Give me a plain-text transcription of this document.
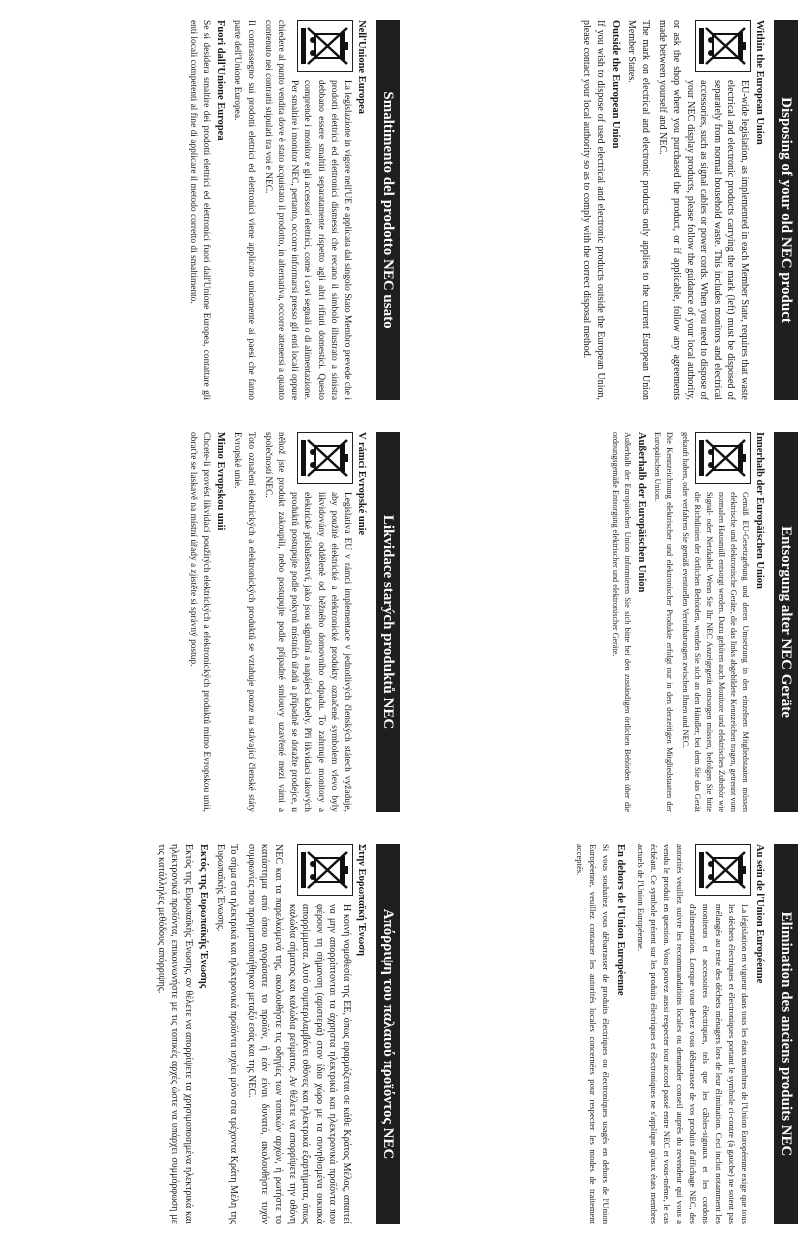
Disposing of your old NEC product
Within the European Union

EU-wide legislation, as implemented in each Member State, requires that waste electrical and electronic products carrying the mark (left) must be disposed of separately from normal household waste. This includes monitors and electrical accessories, such as signal cables or power cords. When you need to dispose of your NEC display products, please follow the guidance of your local authority, or ask the shop where you purchased the product, or if applicable, follow any agreements made between yourself and NEC.

The mark on electrical and electronic products only applies to the current European Union Member States.

Outside the European Union

If you wish to dispose of used electrical and electronic products outside the European Union, please contact your local authority so as to comply with the correct disposal method.

Entsorgung alter NEC Geräte
Innerhalb der Europäischen Union

Gemäß EU-Gesetzgebung und deren Umsetzung in den einzelnen Mitgliedstaaten müssen elektrische und elektronische Geräte, die das links abgebildete Kennzeichen tragen, getrennt vom normalen Hausmüll entsorgt werden. Dazu gehören auch Monitore und elektrisches Zubehör wie Signal- oder Netzkabel. Wenn Sie Ihr NEC Anzeigegerät entsorgen müssen, befolgen Sie bitte die Richtlinien der örtlichen Behörden, wenden Sie sich an den Händler, bei dem Sie das Gerät gekauft haben, oder verfahren Sie gemäß eventuellen Vereinbarungen zwischen Ihnen und NEC.

Die Kennzeichnung elektrischer und elektronischer Produkte erfolgt nur in den derzeitigen Mitgliedstaaten der Europäischen Union.

Außerhalb der Europäischen Union

Außerhalb der Europäischen Union informieren Sie sich bitte bei den zuständigen örtlichen Behörden über die ordnungsgemäße Entsorgung elektrischer und elektronischer Geräte.

Elimination des anciens produits NEC
Au sein de l'Union Européenne

La législation en vigueur dans tous les états membres de l'Union Européenne exige que tous les déchets électriques et électroniques portant le symbole ci-contre (à gauche) ne soient pas mélangés au reste des déchets ménagers lors de leur élimination. Ceci inclut notamment les moniteurs et accessoires électriques, tels que les câbles-signaux et les cordons d'alimentation. Lorsque vous devez vous débarrasser de vos produits d'affichage NEC, des autorités veuillez suivre les recommandations locales ou demander conseil auprès du revendeur qui vous a vendu le produit en question. Vous pouvez aussi respecter tout accord passé entre NEC et vous-même, le cas échéant. Ce symbole présent sur les produits électriques et électroniques ne s'applique qu'aux états membres actuels de l'Union Européenne.

En dehors de l'Union Européenne

Si vous souhaitez vous débarrasser de produits électriques ou électroniques usagés en dehors de l'Union Européenne, veuillez contacter les autorités locales concernées pour respecter les modes de traitement acceptés.

Smaltimento del prodotto NEC usato
Nell'Unione Europea

La legislazione in vigore nell'UE e applicata dal singolo Stato Membro prevede che i prodotti elettrici ed elettronici dismessi che recano il simbolo illustrato a sinistra debbano essere smaltiti separatamente rispetto agli altri rifiuti domestici. Questo comprende i monitor e gli accessori elettrici, come i cavi segnali o di alimentazione. Per smaltire i monitor NEC, pertanto, occorre informarsi presso gli enti locali oppure chiedere al punto vendita dove è stato acquistato il prodotto, in alternativa, occorre attenersi a quanto contenuto nei contratti stipulati tra voi e NEC.

Il contrassegno sui prodotti elettrici ed elettronici viene applicato unicamente ai paesi che fanno parte dell'Unione Europea.

Fuori dall'Unione Europea

Se si desidera smaltire dei prodotti elettrici ed elettronici fuori dall'Unione Europea, contattare gli enti locali competenti al fine di applicare il metodo corretto di smaltimento.

Likvidace starých produktů NEC
V rámci Evropské unie

Legislativa EU v rámci implementace v jednotlivých členských státech vyžaduje, aby použité elektrické a elektronické produkty označené symbolem vlevo byly likvidovány odděleně od běžného domovního odpadu. To zahrnuje monitory a elektrické příslušenství, jako jsou signální a napájecí kabely. Při likvidaci takových produktů postupujte podle pokynů místních úřadů a případně se dotažte prodejce, u něhož jste produkt zakoupili, nebo postupujte podle případné smlouvy uzavřené mezi vámi a společností NEC.

Toto označení elektrických a elektronických produktů se vztahuje pouze na stávající členské státy Evropské unie.

Mimo Evropskou unii

Chcete-li provést likvidaci použitých elektrických a elektronických produktů mimo Evropskou unii, obraťte se laskavě na místní úřady a zjistěte si správný postup.

Απόρριψη του παλαιού προϊόντος NEC
Στην Ευρωπαϊκή Ένωση

Η κοινή νομοθεσία της ΕΕ, όπως εφαρμόζεται σε κάθε Κράτος Μέλος, απαιτεί να μην απορρίπτονται τα άχρηστα ηλεκτρικά και ηλεκτρονικά προϊόντα που φέρουν τη σήμανση (αριστερά) στον ίδιο χώρο με τα συνηθισμένα οικιακά απορρίμματα. Αυτό συμπεριλαμβάνει οθόνες και ηλεκτρικά εξαρτήματα, όπως καλώδια σήματος και καλώδια ρεύματος. Αν θέλετε να απορρίψετε την οθόνη NEC και τα παρελκόμενά της, ακολουθήστε τις οδηγίες των τοπικών αρχών, ή ρωτήστε το κατάστημα από όπου αγοράσατε το προϊόν, ή εάν είναι δυνατό, ακολουθήστε τυχόν συμφωνίες που πραγματοποιήθηκαν μεταξύ εσάς και της NEC.

Το σήμα στα ηλεκτρικά και ηλεκτρονικά προϊόντα ισχύει μόνο στα τρέχοντα Κράτη Μέλη της Ευρωπαϊκής Ένωσης.

Εκτός της Ευρωπαϊκής Ένωσης

Εκτός της Ευρωπαϊκής Ένωσης, αν θέλετε να απορρίψετε τα χρησιμοποιημένα ηλεκτρικά και ηλεκτρονικά προϊόντα, επικοινωνήστε με τις τοπικές αρχές ώστε να υπάρχει συμμόρφωση με τις κατάλληλες μεθόδους απόρριψης.
